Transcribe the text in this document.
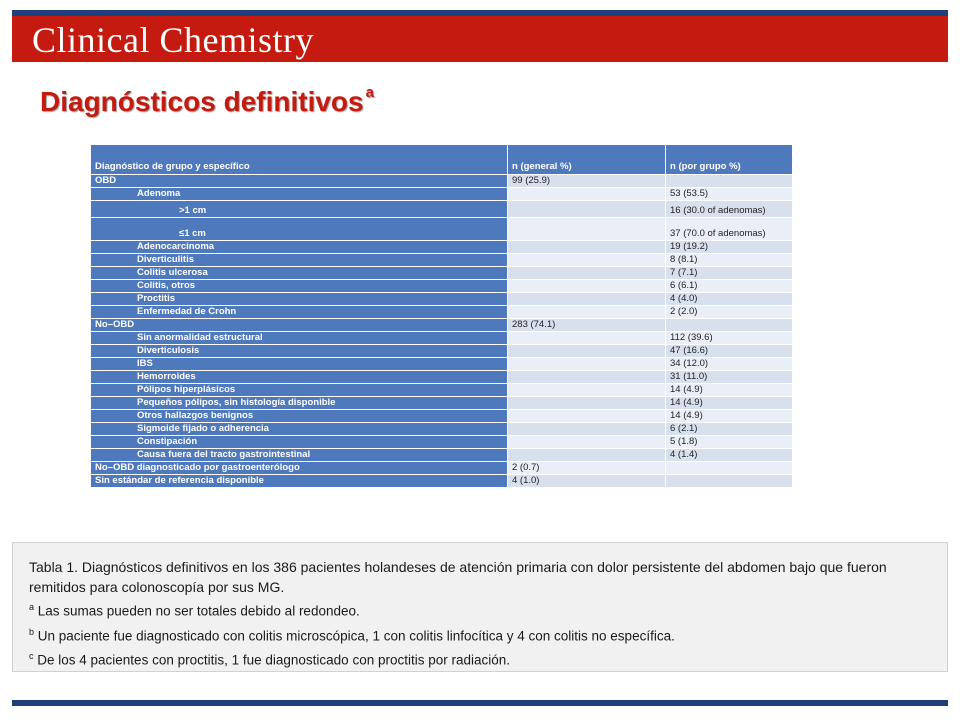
Clinical Chemistry
Diagnósticos definitivos $^a$
Diagnóstico de grupo y específico	n (general %)	n (por grupo %)
OBD	99 (25.9)	
Adenoma		53 (53.5)
>1 cm		16 (30.0 of adenomas)
≤1 cm		37 (70.0 of adenomas)
Adenocarcinoma		19 (19.2)
Diverticulitis		8 (8.1)
Colitis ulcerosa		7 (7.1)
Colitis, otros		6 (6.1)
Proctitis		4 (4.0)
Enfermedad de Crohn		2 (2.0)
No–OBD	283 (74.1)	
Sin anormalidad estructural		112 (39.6)
Diverticulosis		47 (16.6)
IBS		34 (12.0)
Hemorroides		31 (11.0)
Pólipos hiperplásicos		14 (4.9)
Pequeños pólipos, sin histología disponible		14 (4.9)
Otros hallazgos benignos		14 (4.9)
Sigmoide fijado o adherencia		6 (2.1)
Constipación		5 (1.8)
Causa fuera del tracto gastrointestinal		4 (1.4)
No–OBD diagnosticado por gastroenterólogo	2 (0.7)	
Sin estándar de referencia disponible	4 (1.0)	

Tabla 1. Diagnósticos definitivos en los 386 pacientes holandeses de atención primaria con dolor persistente del abdomen bajo que fueron remitidos para colonoscopía por sus MG.

$^a$ Las sumas pueden no ser totales debido al redondeo.

$^b$ Un paciente fue diagnosticado con colitis microscópica, 1 con colitis linfocítica y 4 con colitis no específica.

$^c$ De los 4 pacientes con proctitis, 1 fue diagnosticado con proctitis por radiación.
